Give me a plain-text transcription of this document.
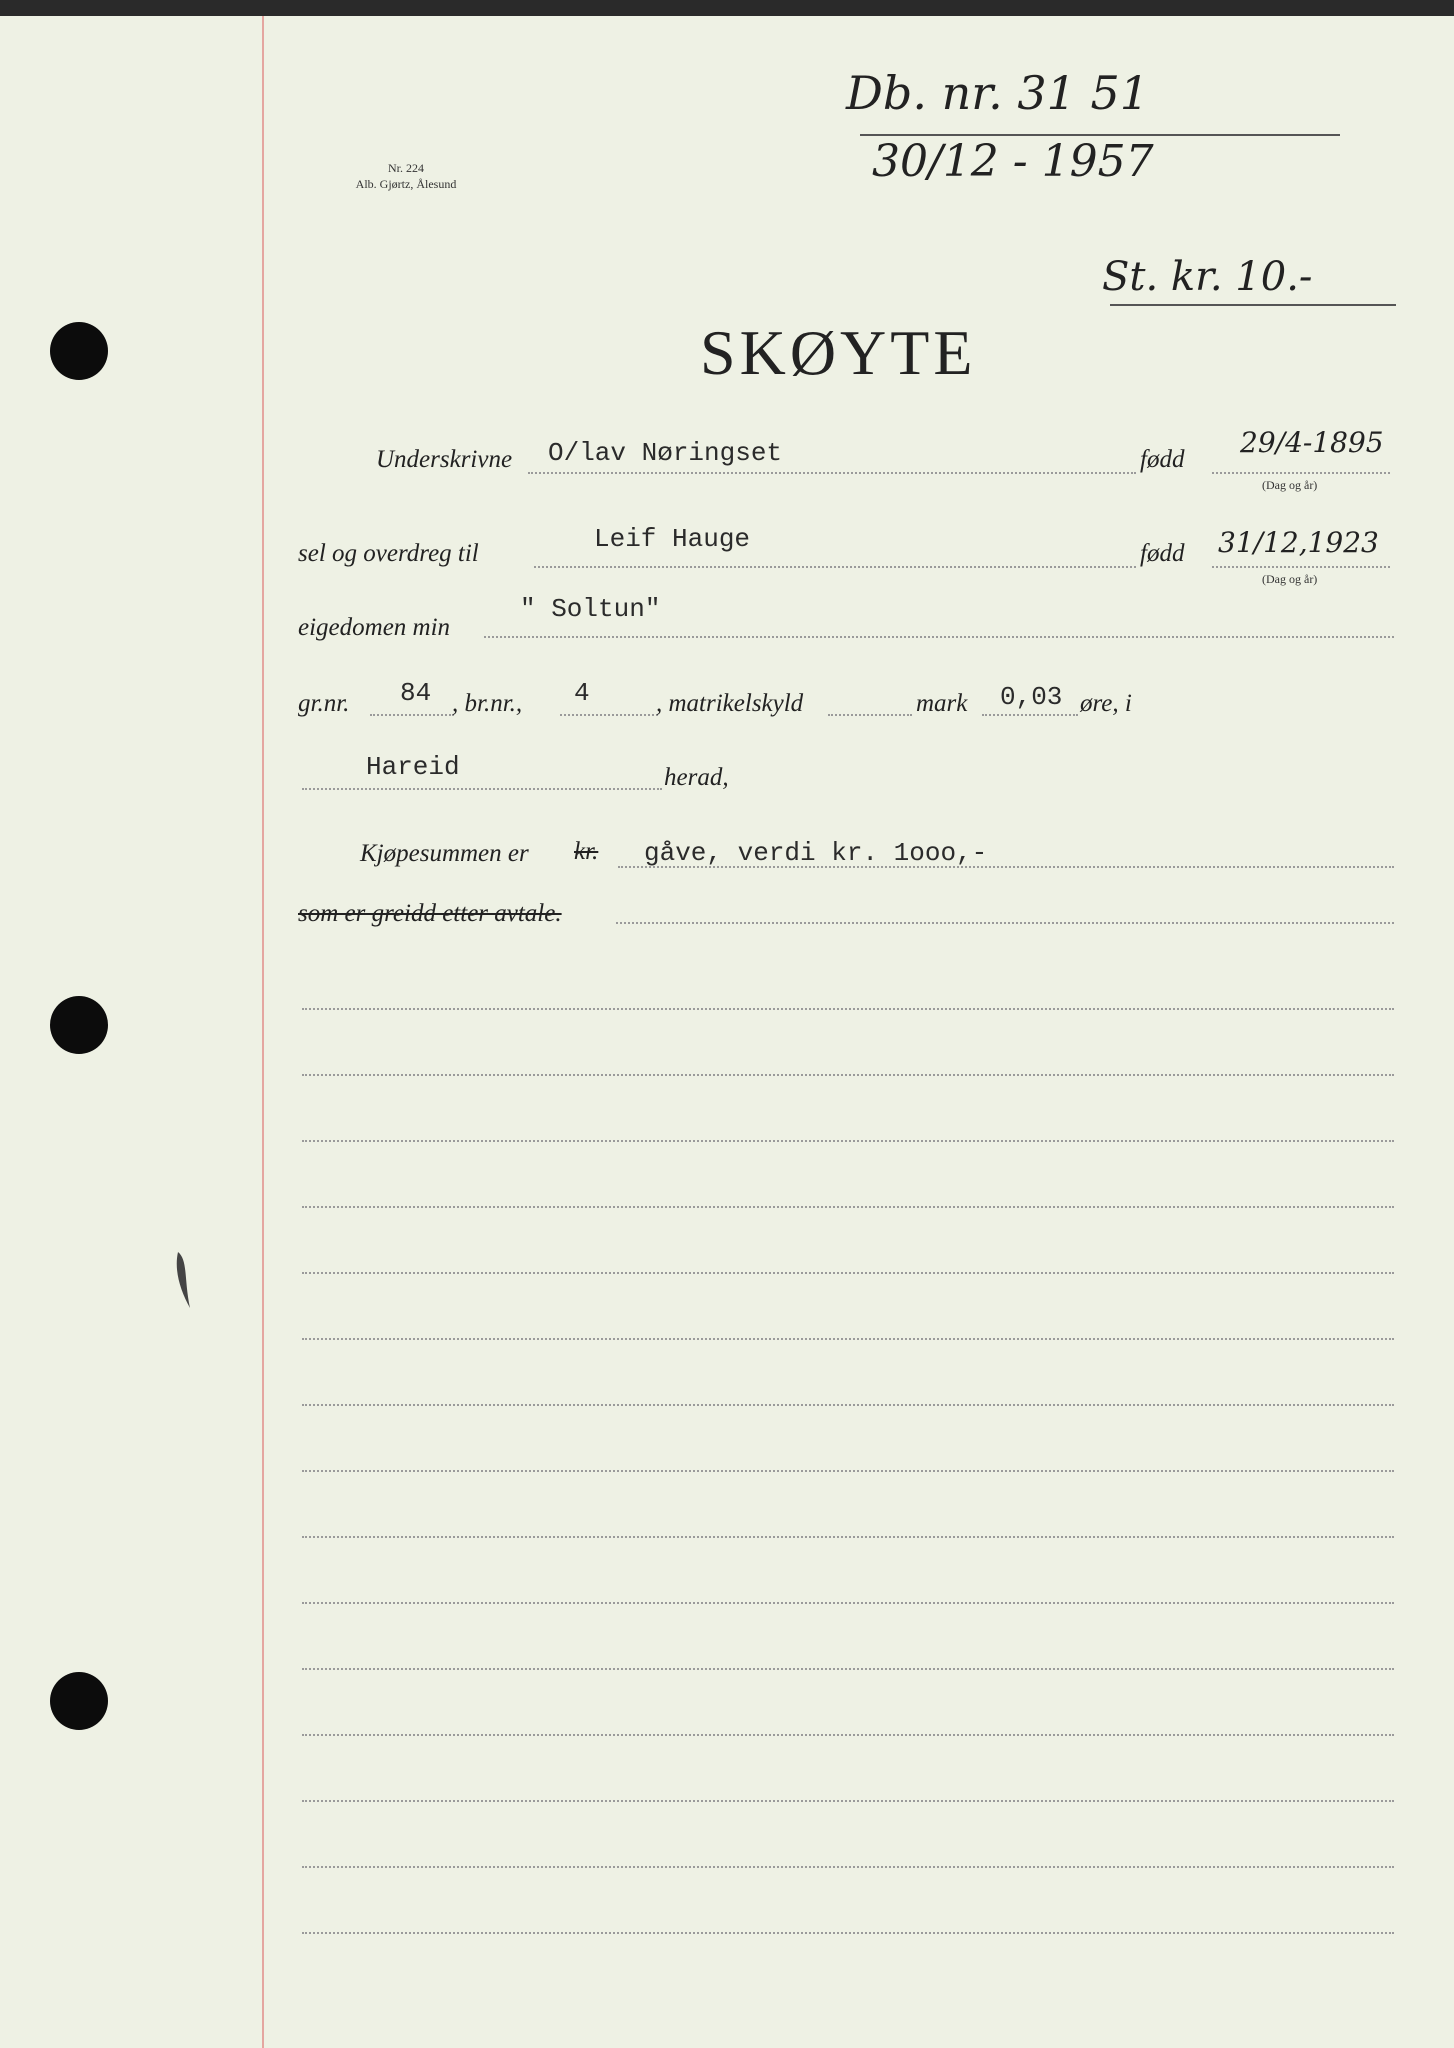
Nr. 224
Alb. Gjørtz, Ålesund
Db. nr. 31 51
30/12 - 1957
St. kr. 10.-
SKØYTE
Underskrivne O/lav Nøringset	fødd
29/4-1895
(Dag og år)
sel og overdreg til	Leif Hauge	fødd 31/12,1923
(Dag og år)
eigedomen min
" Soltun"
gr.nr. 84 , br.nr., 4	, matrikelskyld	mark 0,03 øre, i
Hareid	herad,
Kjøpesummen er kr. gåve, verdi kr. 1ooo,-
som er greidd etter avtale.
